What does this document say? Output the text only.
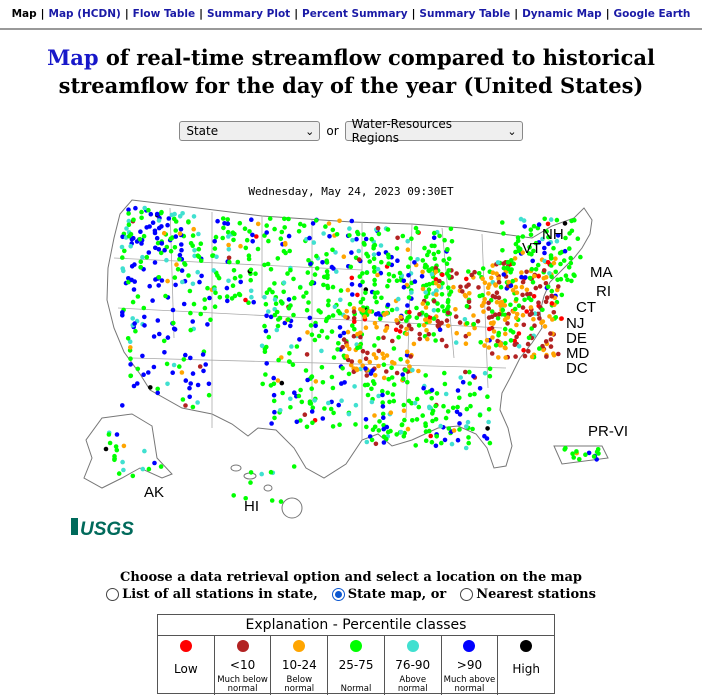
Map | Map (HCDN) | Flow Table | Summary Plot | Percent Summary | Summary Table | Dynamic Map | Google Earth
Map of real-time streamflow compared to historical
streamflow for the day of the year (United States)
State	⌄ or Water-Resources Regions	⌄
Wednesday, May 24, 2023 09:30ET
NH
VT
MA
RI
CT
NJ
DE
MD
DC
AK
HI
PR-VI
USGS
Choose a data retrieval option and select a location on the map
List of all stations in state, State map, or Nearest stations
Explanation - Percentile classes
Low	<10
Much below normal
10-24
Below normal
25-75
Normal
76-90
Above normal
>90
Much above normal
High
